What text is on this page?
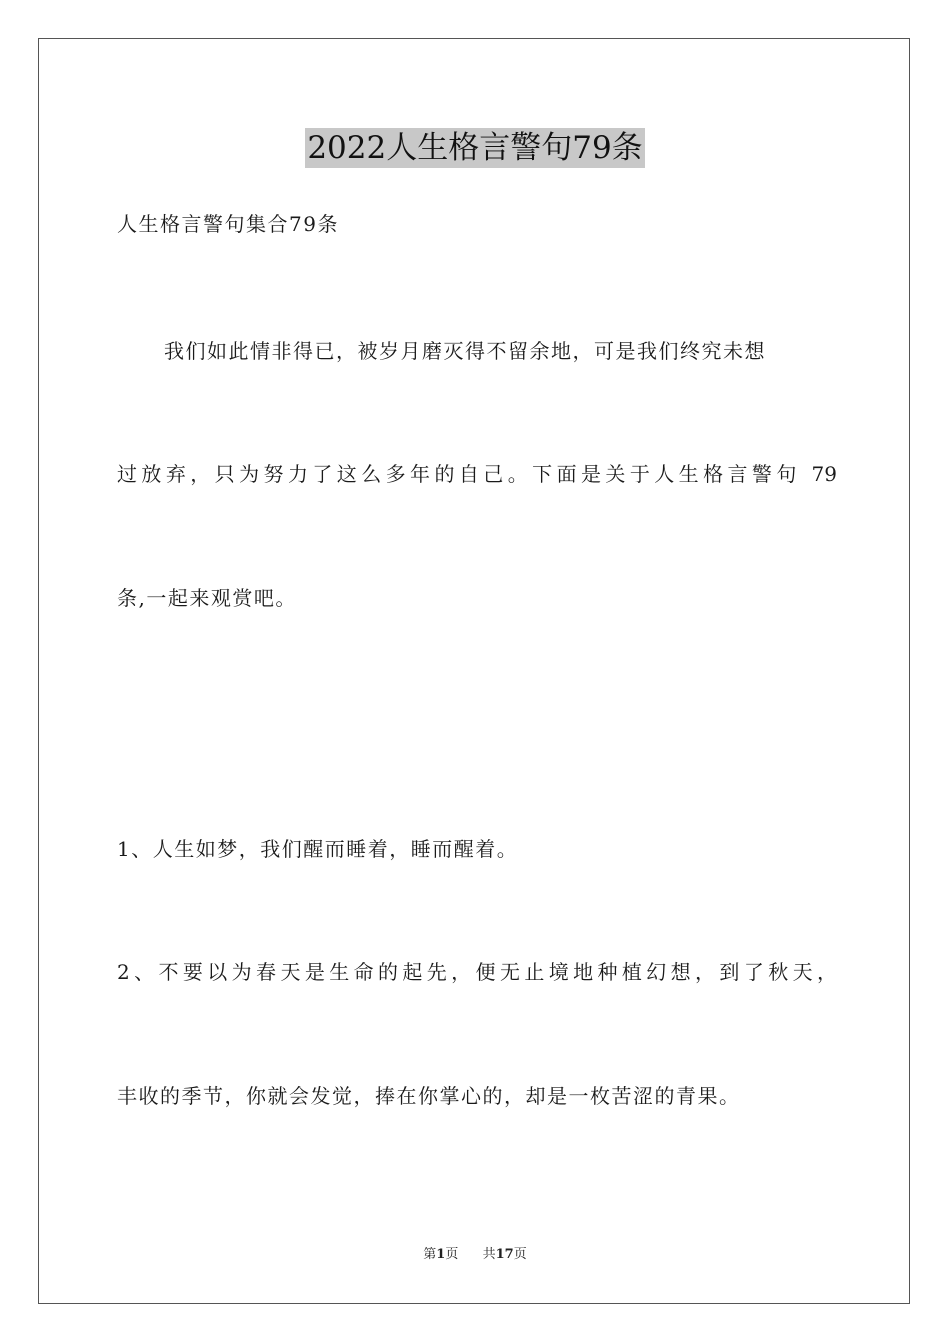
2022人生格言警句79条
人生格言警句集合79条
我们如此情非得已，被岁月磨灭得不留余地，可是我们终究未想
过放弃，只为努力了这么多年的自己。下面是关于人生格言警句 79
条,一起来观赏吧。
1、人生如梦，我们醒而睡着，睡而醒着。
2、不要以为春天是生命的起先，便无止境地种植幻想，到了秋天，
丰收的季节，你就会发觉，捧在你掌心的，却是一枚苦涩的青果。
第1页 共17页
